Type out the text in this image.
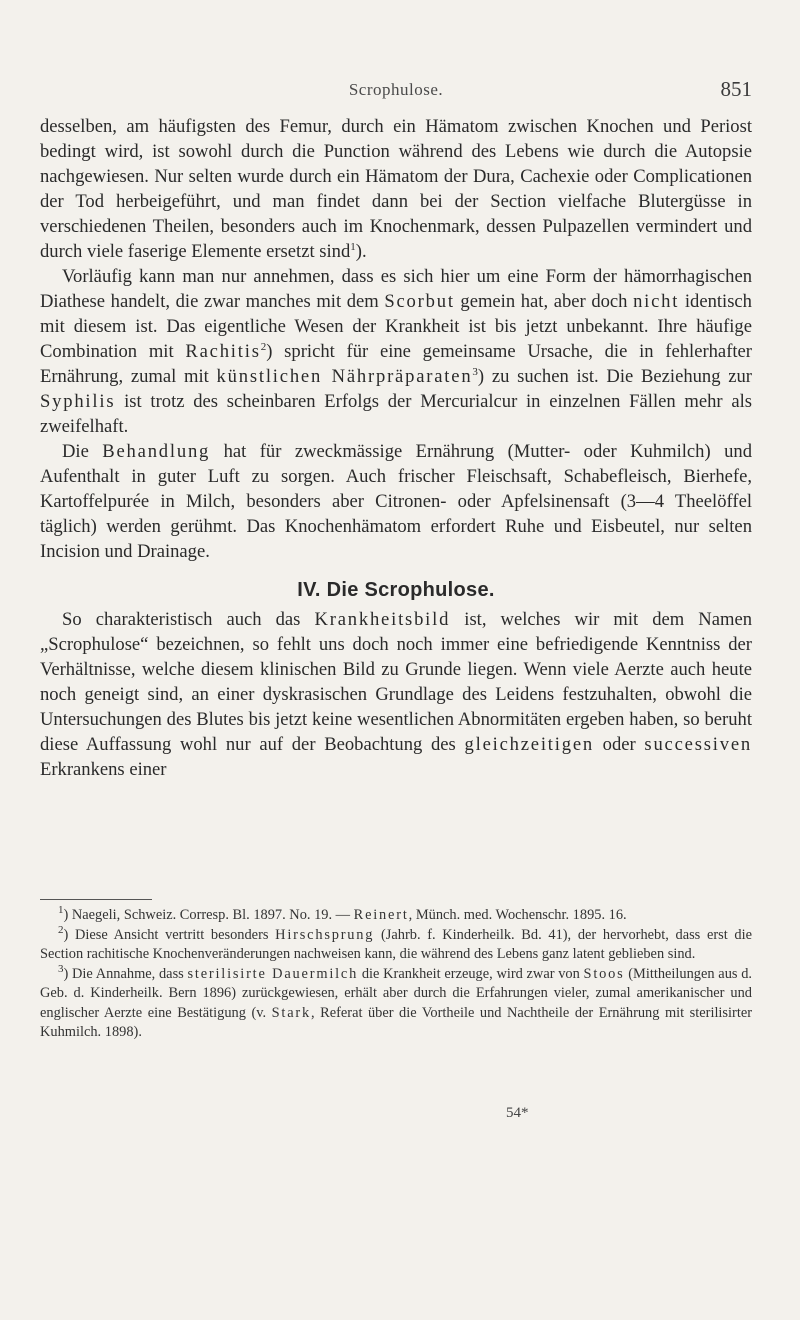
Scrophulose.	851

desselben, am häufigsten des Femur, durch ein Hämatom zwischen Knochen und Periost bedingt wird, ist sowohl durch die Punction während des Lebens wie durch die Autopsie nachgewiesen. Nur selten wurde durch ein Hämatom der Dura, Cachexie oder Complicationen der Tod herbeigeführt, und man findet dann bei der Section vielfache Blutergüsse in verschiedenen Theilen, besonders auch im Knochenmark, dessen Pulpazellen vermindert und durch viele faserige Elemente ersetzt sind$^1$).

Vorläufig kann man nur annehmen, dass es sich hier um eine Form der hämorrhagischen Diathese handelt, die zwar manches mit dem Scorbut gemein hat, aber doch nicht identisch mit diesem ist. Das eigentliche Wesen der Krankheit ist bis jetzt unbekannt. Ihre häufige Combination mit Rachitis$^2$) spricht für eine gemeinsame Ursache, die in fehlerhafter Ernährung, zumal mit künstlichen Nährpräparaten$^3$) zu suchen ist. Die Beziehung zur Syphilis ist trotz des scheinbaren Erfolgs der Mercurialcur in einzelnen Fällen mehr als zweifelhaft.

Die Behandlung hat für zweckmässige Ernährung (Mutter- oder Kuhmilch) und Aufenthalt in guter Luft zu sorgen. Auch frischer Fleischsaft, Schabefleisch, Bierhefe, Kartoffelpurée in Milch, besonders aber Citronen- oder Apfelsinensaft (3—4 Theelöffel täglich) werden gerühmt. Das Knochenhämatom erfordert Ruhe und Eisbeutel, nur selten Incision und Drainage.

IV. Die Scrophulose.

So charakteristisch auch das Krankheitsbild ist, welches wir mit dem Namen „Scrophulose“ bezeichnen, so fehlt uns doch noch immer eine befriedigende Kenntniss der Verhältnisse, welche diesem klinischen Bild zu Grunde liegen. Wenn viele Aerzte auch heute noch geneigt sind, an einer dyskrasischen Grundlage des Leidens festzuhalten, obwohl die Untersuchungen des Blutes bis jetzt keine wesentlichen Abnormitäten ergeben haben, so beruht diese Auffassung wohl nur auf der Beobachtung des gleichzeitigen oder successiven Erkrankens einer

$^1$) Naegeli, Schweiz. Corresp. Bl. 1897. No. 19. — Reinert, Münch. med. Wochenschr. 1895. 16.

$^2$) Diese Ansicht vertritt besonders Hirschsprung (Jahrb. f. Kinderheilk. Bd. 41), der hervorhebt, dass erst die Section rachitische Knochenveränderungen nachweisen kann, die während des Lebens ganz latent geblieben sind.

$^3$) Die Annahme, dass sterilisirte Dauermilch die Krankheit erzeuge, wird zwar von Stoos (Mittheilungen aus d. Geb. d. Kinderheilk. Bern 1896) zurückgewiesen, erhält aber durch die Erfahrungen vieler, zumal amerikanischer und englischer Aerzte eine Bestätigung (v. Stark, Referat über die Vortheile und Nachtheile der Ernährung mit sterilisirter Kuhmilch. 1898).

54*
